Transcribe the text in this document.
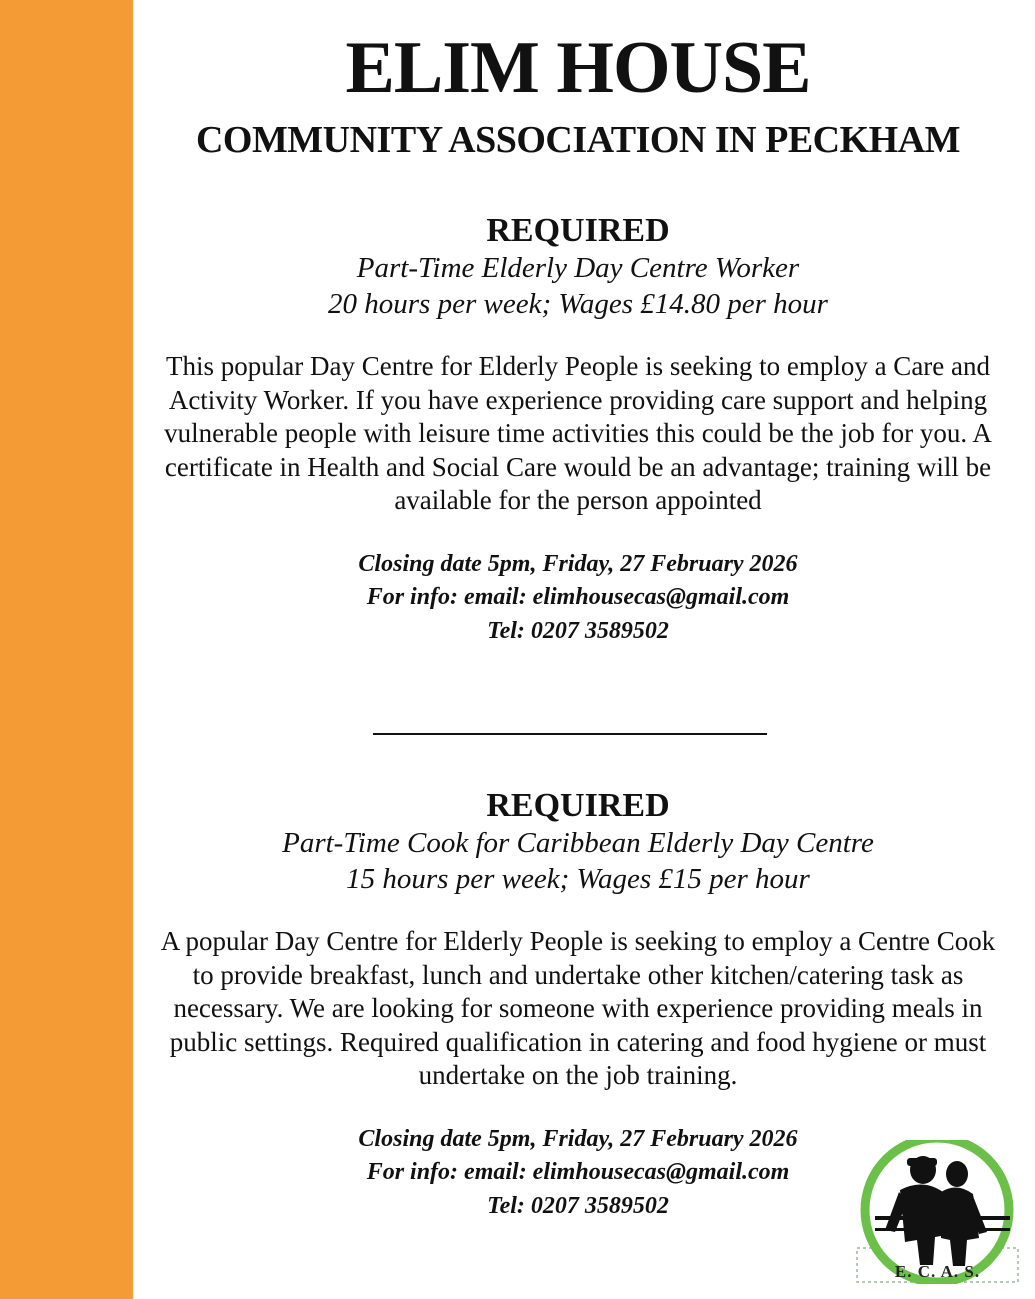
ELIM HOUSE
COMMUNITY ASSOCIATION IN PECKHAM
REQUIRED
Part-Time Elderly Day Centre Worker
20 hours per week; Wages £14.80 per hour
This popular Day Centre for Elderly People is seeking to employ a Care and Activity Worker. If you have experience providing care support and helping vulnerable people with leisure time activities this could be the job for you. A certificate in Health and Social Care would be an advantage; training will be available for the person appointed
Closing date 5pm, Friday, 27 February 2026
For info: email: elimhousecas@gmail.com
Tel: 0207 3589502
REQUIRED
Part-Time Cook for Caribbean Elderly Day Centre
15 hours per week; Wages £15 per hour
A popular Day Centre for Elderly People is seeking to employ a Centre Cook to provide breakfast, lunch and undertake other kitchen/catering task as necessary. We are looking for someone with experience providing meals in public settings. Required qualification in catering and food hygiene or must undertake on the job training.
Closing date 5pm, Friday, 27 February 2026
For info: email: elimhousecas@gmail.com
Tel: 0207 3589502
E. C. A. S.
